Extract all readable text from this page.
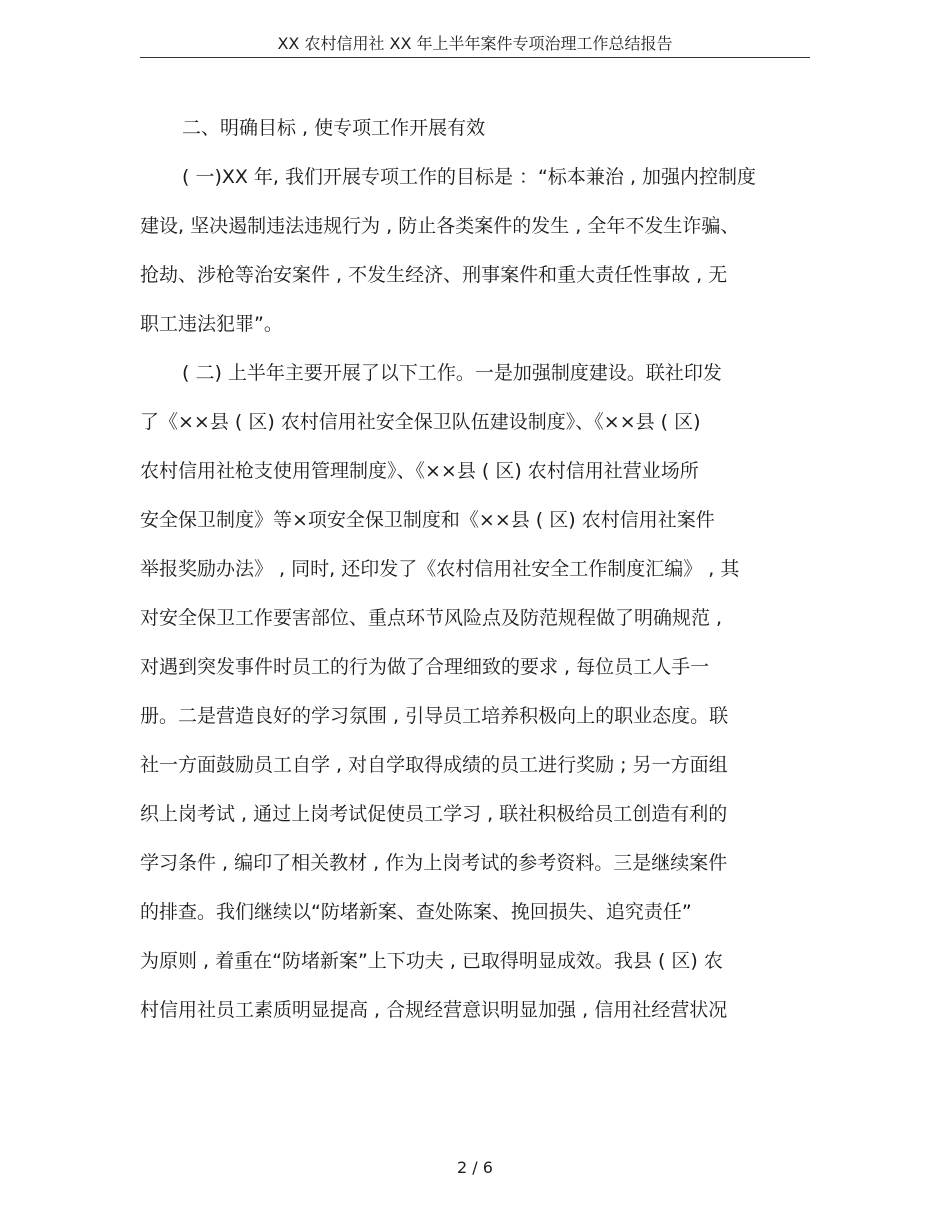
XX 农村信用社 XX 年上半年案件专项治理工作总结报告
二、明确目标 , 使专项工作开展有效
( 一)XX 年, 我们开展专项工作的目标是 ：“标本兼治 , 加强内控制度
建设, 坚决遏制违法违规行为 , 防止各类案件的发生 , 全年不发生诈骗、
抢劫、涉枪等治安案件 , 不发生经济、刑事案件和重大责任性事故 , 无
职工违法犯罪”。
( 二) 上半年主要开展了以下工作。一是加强制度建设。联社印发
了《××县 ( 区) 农村信用社安全保卫队伍建设制度》、《××县 ( 区)
农村信用社枪支使用管理制度》、《××县 ( 区) 农村信用社营业场所
安全保卫制度》等×项安全保卫制度和《××县 ( 区) 农村信用社案件
举报奖励办法》 , 同时, 还印发了《农村信用社安全工作制度汇编》 , 其
对安全保卫工作要害部位、重点环节风险点及防范规程做了明确规范 ,
对遇到突发事件时员工的行为做了合理细致的要求 , 每位员工人手一
册。二是营造良好的学习氛围 , 引导员工培养积极向上的职业态度。联
社一方面鼓励员工自学 , 对自学取得成绩的员工进行奖励 ; 另一方面组
织上岗考试 , 通过上岗考试促使员工学习 , 联社积极给员工创造有利的
学习条件 , 编印了相关教材 , 作为上岗考试的参考资料。三是继续案件
的排查。我们继续以“防堵新案、查处陈案、挽回损失、追究责任”
为原则 , 着重在“防堵新案”上下功夫 , 已取得明显成效。我县 ( 区) 农
村信用社员工素质明显提高 , 合规经营意识明显加强 , 信用社经营状况
2 / 6
